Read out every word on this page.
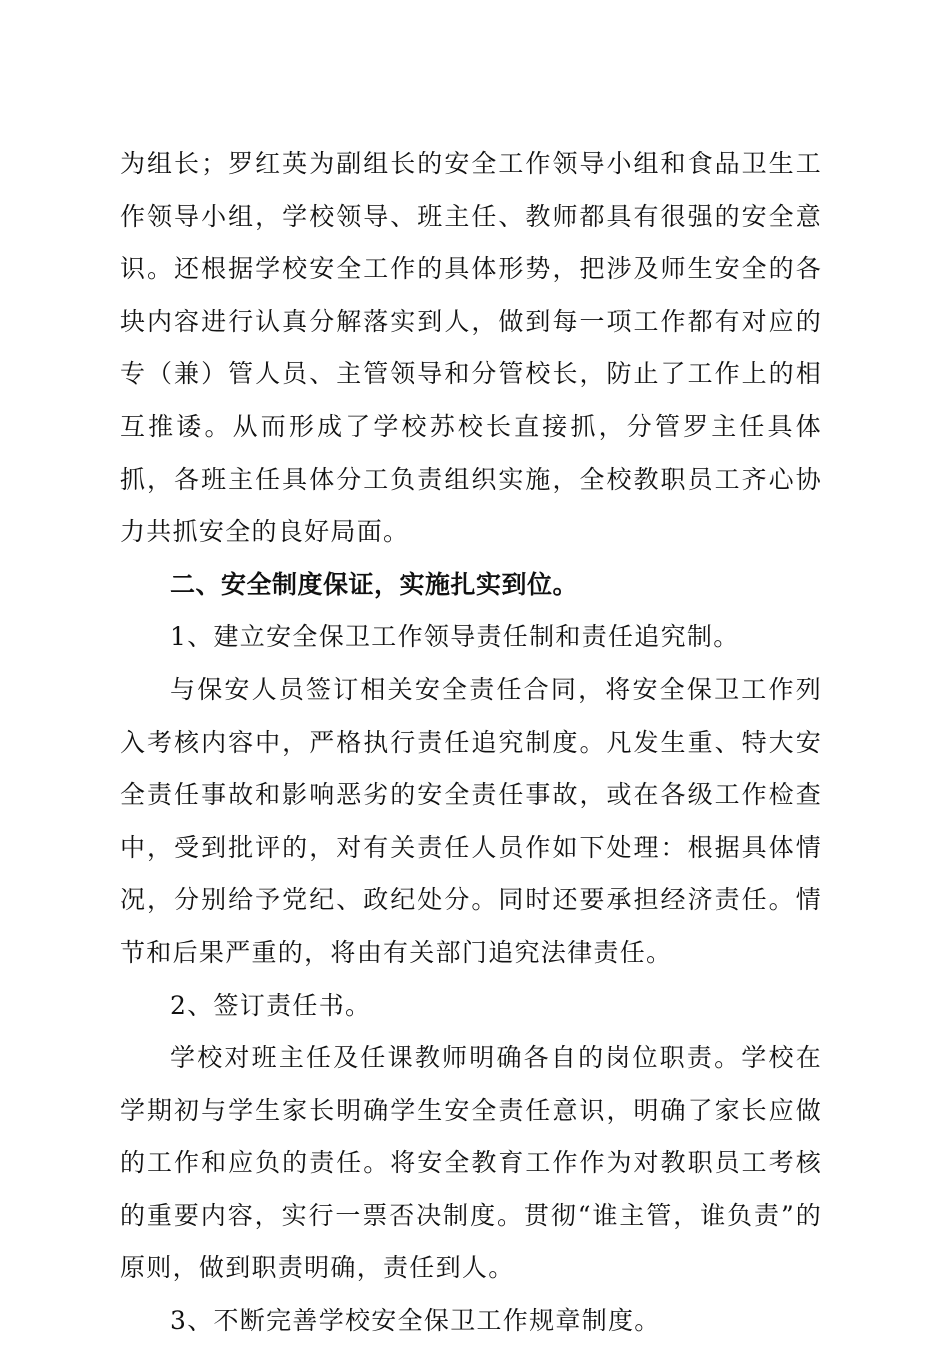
为组长；罗红英为副组长的安全工作领导小组和食品卫生工作领导小组，学校领导、班主任、教师都具有很强的安全意识。还根据学校安全工作的具体形势，把涉及师生安全的各块内容进行认真分解落实到人，做到每一项工作都有对应的专（兼）管人员、主管领导和分管校长，防止了工作上的相互推诿。从而形成了学校苏校长直接抓，分管罗主任具体抓，各班主任具体分工负责组织实施，全校教职员工齐心协力共抓安全的良好局面。

二、安全制度保证，实施扎实到位。

1、建立安全保卫工作领导责任制和责任追究制。

与保安人员签订相关安全责任合同，将安全保卫工作列入考核内容中，严格执行责任追究制度。凡发生重、特大安全责任事故和影响恶劣的安全责任事故，或在各级工作检查中，受到批评的，对有关责任人员作如下处理：根据具体情况，分别给予党纪、政纪处分。同时还要承担经济责任。情节和后果严重的，将由有关部门追究法律责任。

2、签订责任书。

学校对班主任及任课教师明确各自的岗位职责。学校在学期初与学生家长明确学生安全责任意识，明确了家长应做的工作和应负的责任。将安全教育工作作为对教职员工考核的重要内容，实行一票否决制度。贯彻“谁主管，谁负责”的原则，做到职责明确，责任到人。

3、不断完善学校安全保卫工作规章制度。
